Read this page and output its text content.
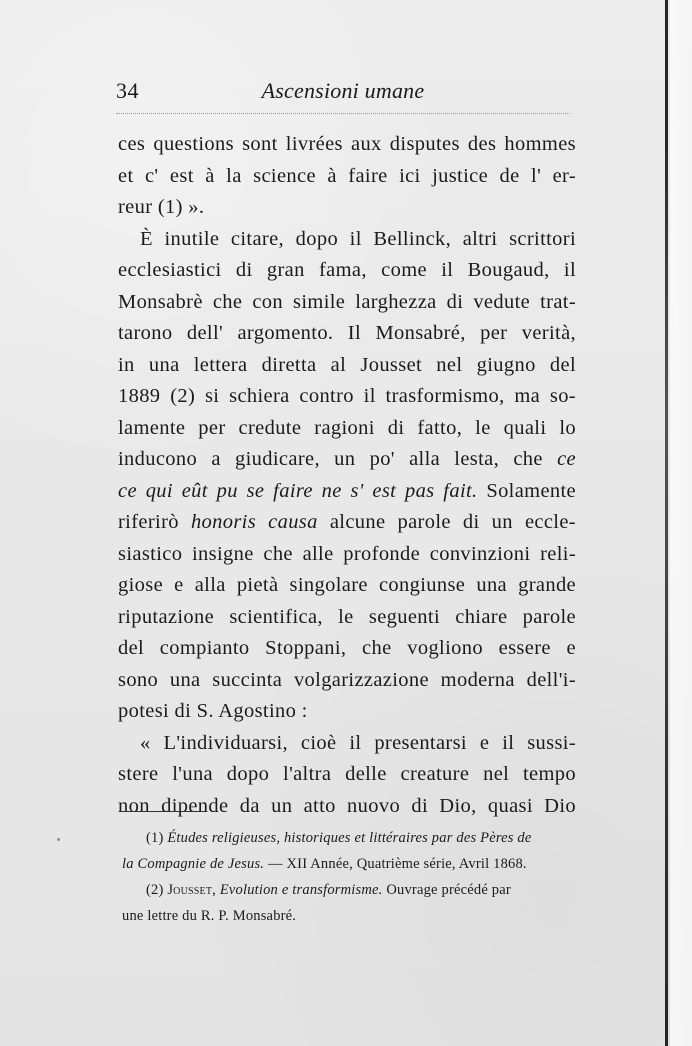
34	Ascensioni umane
ces questions sont livrées aux disputes des hommes
et c' est à la science à faire ici justice de l' er-
reur (1) ».
È inutile citare, dopo il Bellinck, altri scrittori
ecclesiastici di gran fama, come il Bougaud, il
Monsabrè che con simile larghezza di vedute trat-
tarono dell' argomento. Il Monsabré, per verità,
in una lettera diretta al Jousset nel giugno del
1889 (2) si schiera contro il trasformismo, ma so-
lamente per credute ragioni di fatto, le quali lo
inducono a giudicare, un po' alla lesta, che ce
ce qui eût pu se faire ne s' est pas fait. Solamente
riferirò honoris causa alcune parole di un eccle-
siastico insigne che alle profonde convinzioni reli-
giose e alla pietà singolare congiunse una grande
riputazione scientifica, le seguenti chiare parole
del compianto Stoppani, che vogliono essere e
sono una succinta volgarizzazione moderna dell'i-
potesi di S. Agostino :
« L'individuarsi, cioè il presentarsi e il sussi-
stere l'una dopo l'altra delle creature nel tempo
non dipende da un atto nuovo di Dio, quasi Dio
(1) Études religieuses, historiques et littéraires par des Pères de
la Compagnie de Jesus. — XII Année, Quatrième série, Avril 1868.
(2) Jousset, Evolution e transformisme. Ouvrage précédé par
une lettre du R. P. Monsabré.
